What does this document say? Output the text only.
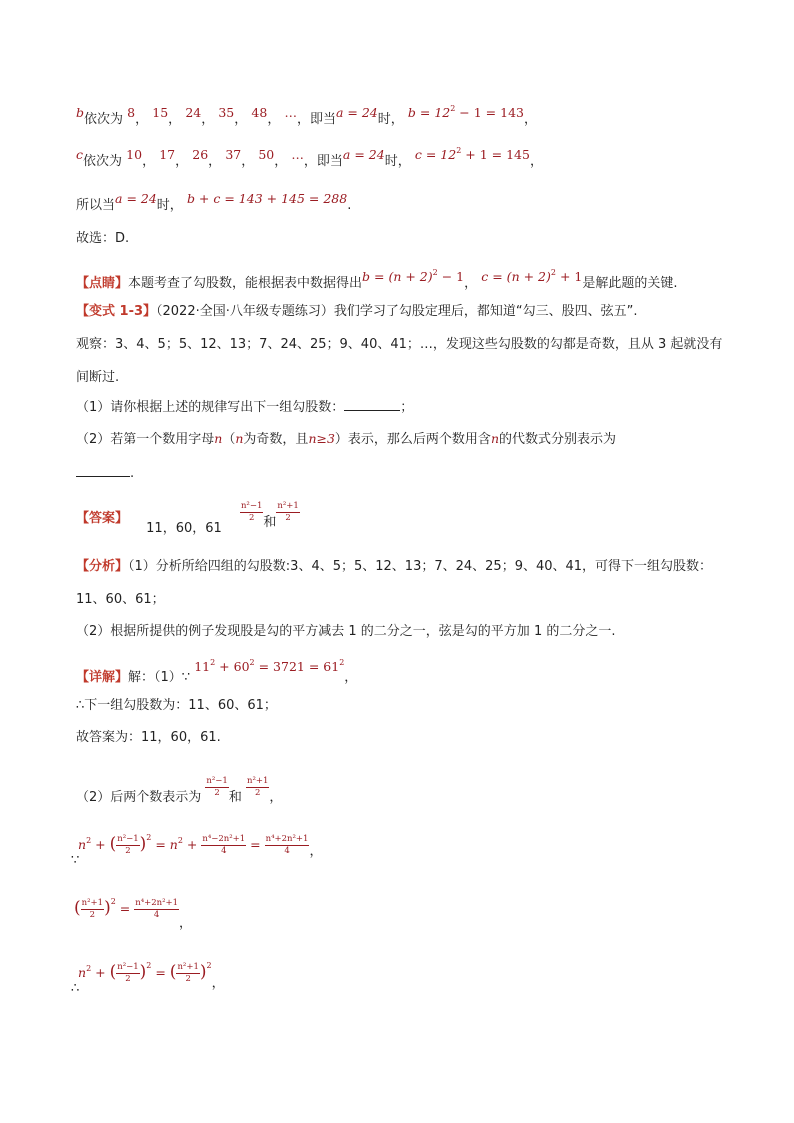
b依次为 8， 15， 24， 35， 48， …，即当a = 24时， $b = 12^2 - 1 = 143$，
c依次为 10， 17， 26， 37， 50， …，即当a = 24时， $c = 12^2 + 1 = 145$，
所以当a = 24时， b + c = 143 + 145 = 288.
故选：D.
【点睛】本题考查了勾股数，能根据表中数据得出$b = (n + 2)^2 - 1$， $c = (n + 2)^2 + 1$是解此题的关键.
【变式 1-3】（2022·全国·八年级专题练习）我们学习了勾股定理后，都知道“勾三、股四、弦五”.
观察：3、4、5；5、12、13；7、24、25；9、40、41；…，发现这些勾股数的勾都是奇数，且从 3 起就没有
间断过.
（1）请你根据上述的规律写出下一组勾股数：	；
（2）若第一个数用字母n（n为奇数，且n≥3）表示，那么后两个数用含n的代数式分别表示为
.
【答案】 11，60，61
$\frac{\text{n²−1}}{2}$ 和 $\frac{\text{n²+1}}{2}$
【分析】（1）分析所给四组的勾股数:3、4、5；5、12、13；7、24、25；9、40、41，可得下一组勾股数：
11、60、61；
（2）根据所提供的例子发现股是勾的平方减去 1 的二分之一，弦是勾的平方加 1 的二分之一.
【详解】解：（1）∵ $11^2 + 60^2 = 3721 = 61^2$，
∴下一组勾股数为：11、60、61；
故答案为：11，60，61.
（2）后两个数表示为 $\frac{\text{n²−1}}{2}$ 和 $\frac{\text{n²+1}}{2}$ ，
∵
$n^2$ + ( $\frac{\text{n²−1}}{2} )^2 = n^2 + \frac{\text{n⁴−2n²+1}}{4} = \frac{\text{n⁴+2n²+1}}{4}$ ，
( $\frac{\text{n²+1}}{2} )^2 = \frac{\text{n⁴+2n²+1}}{4}$
，
∴
$n^2$ + ( $\frac{\text{n²−1}}{2} )^2$ = ( $\frac{\text{n²+1}}{2} )^2$，
